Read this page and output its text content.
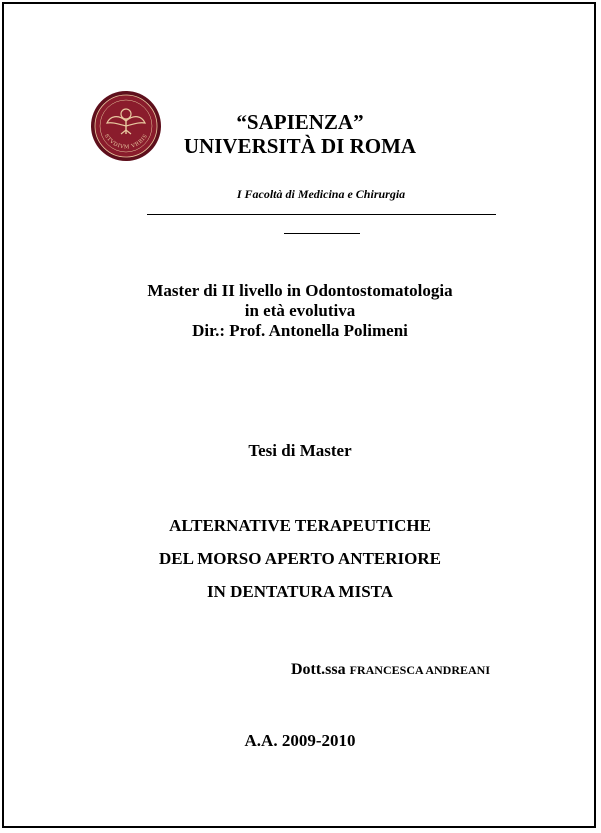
STVDIVM VRBIS
“SAPIENZA”
UNIVERSITÀ DI ROMA
I Facoltà di Medicina e Chirurgia
Master di II livello in Odontostomatologia
in età evolutiva
Dir.: Prof. Antonella Polimeni
Tesi di Master
ALTERNATIVE TERAPEUTICHE
DEL MORSO APERTO ANTERIORE
IN DENTATURA MISTA
Dott.ssa FRANCESCA ANDREANI
A.A. 2009-2010
